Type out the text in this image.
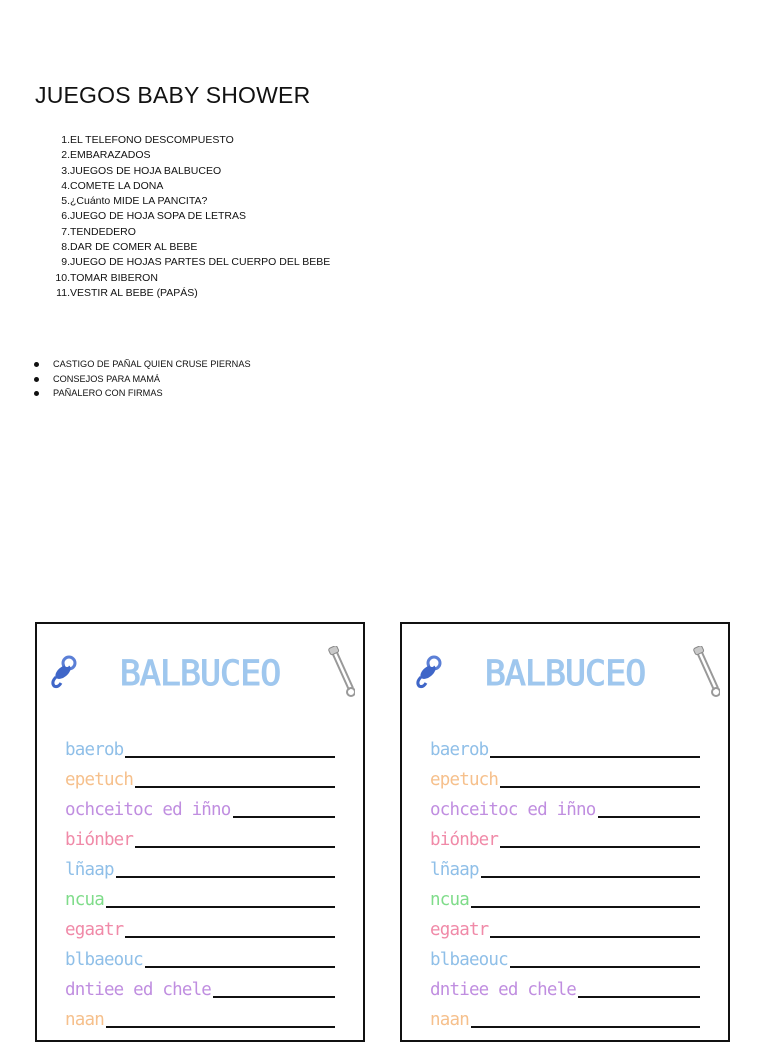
JUEGOS BABY SHOWER
1. EL TELEFONO DESCOMPUESTO
2. EMBARAZADOS
3. JUEGOS DE HOJA BALBUCEO
4. COMETE LA DONA
5. ¿Cuánto MIDE LA PANCITA?
6. JUEGO DE HOJA SOPA DE LETRAS
7. TENDEDERO
8. DAR DE COMER AL BEBE
9. JUEGO DE HOJAS PARTES DEL CUERPO DEL BEBE
10. TOMAR BIBERON
11. VESTIR AL BEBE (PAPÁS)
CASTIGO DE PAÑAL QUIEN CRUSE PIERNAS
CONSEJOS PARA MAMÁ
PAÑALERO CON FIRMAS
BALBUCEO
baerob
epetuch
ochceitoc ed iñno
biónber
lñaap
ncua
egaatr
blbaeouc
dntiee ed chele
naan
BALBUCEO
baerob
epetuch
ochceitoc ed iñno
biónber
lñaap
ncua
egaatr
blbaeouc
dntiee ed chele
naan
